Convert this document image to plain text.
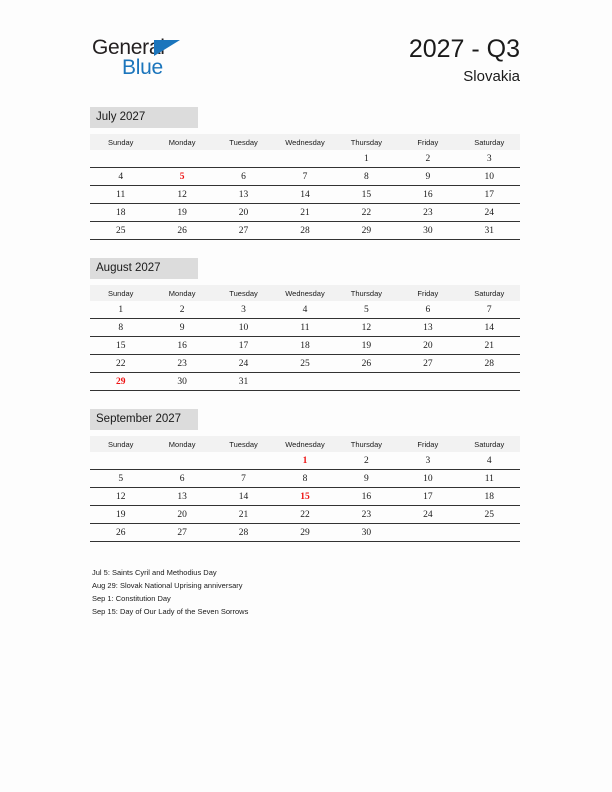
General
Blue
2027 - Q3
Slovakia
July 2027
Sunday	Monday	Tuesday	Wednesday	Thursday	Friday	Saturday
				1	2	3
4	5	6	7	8	9	10
11	12	13	14	15	16	17
18	19	20	21	22	23	24
25	26	27	28	29	30	31
August 2027
Sunday	Monday	Tuesday	Wednesday	Thursday	Friday	Saturday
1	2	3	4	5	6	7
8	9	10	11	12	13	14
15	16	17	18	19	20	21
22	23	24	25	26	27	28
29	30	31				
September 2027
Sunday	Monday	Tuesday	Wednesday	Thursday	Friday	Saturday
			1	2	3	4
5	6	7	8	9	10	11
12	13	14	15	16	17	18
19	20	21	22	23	24	25
26	27	28	29	30		
Jul 5: Saints Cyril and Methodius Day
Aug 29: Slovak National Uprising anniversary
Sep 1: Constitution Day
Sep 15: Day of Our Lady of the Seven Sorrows
